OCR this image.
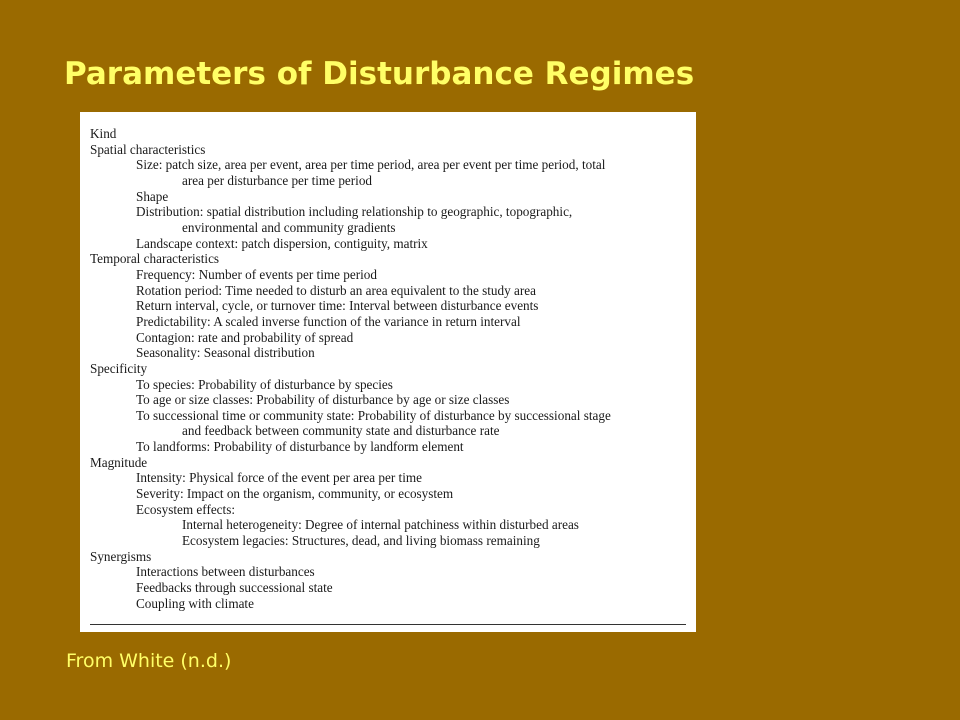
Parameters of Disturbance Regimes
Kind
Spatial characteristics
Size: patch size, area per event, area per time period, area per event per time period, total
area per disturbance per time period
Shape
Distribution: spatial distribution including relationship to geographic, topographic,
environmental and community gradients
Landscape context: patch dispersion, contiguity, matrix
Temporal characteristics
Frequency: Number of events per time period
Rotation period: Time needed to disturb an area equivalent to the study area
Return interval, cycle, or turnover time: Interval between disturbance events
Predictability: A scaled inverse function of the variance in return interval
Contagion: rate and probability of spread
Seasonality: Seasonal distribution
Specificity
To species: Probability of disturbance by species
To age or size classes: Probability of disturbance by age or size classes
To successional time or community state: Probability of disturbance by successional stage
and feedback between community state and disturbance rate
To landforms: Probability of disturbance by landform element
Magnitude
Intensity: Physical force of the event per area per time
Severity: Impact on the organism, community, or ecosystem
Ecosystem effects:
Internal heterogeneity: Degree of internal patchiness within disturbed areas
Ecosystem legacies: Structures, dead, and living biomass remaining
Synergisms
Interactions between disturbances
Feedbacks through successional state
Coupling with climate
From White (n.d.)
